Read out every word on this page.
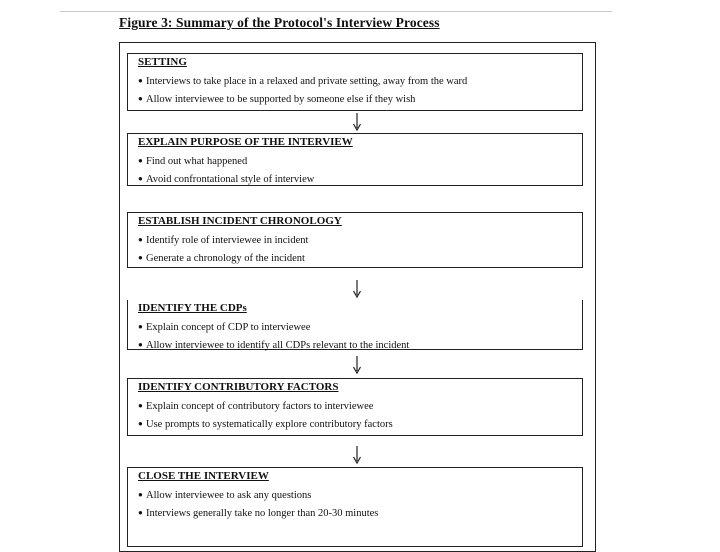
Figure 3: Summary of the Protocol's Interview Process
SETTING
● Interviews to take place in a relaxed and private setting, away from the ward
● Allow interviewee to be supported by someone else if they wish
EXPLAIN PURPOSE OF THE INTERVIEW
● Find out what happened
● Avoid confrontational style of interview
ESTABLISH INCIDENT CHRONOLOGY
● Identify role of interviewee in incident
● Generate a chronology of the incident
IDENTIFY THE CDPs
● Explain concept of CDP to interviewee
● Allow interviewee to identify all CDPs relevant to the incident
IDENTIFY CONTRIBUTORY FACTORS
● Explain concept of contributory factors to interviewee
● Use prompts to systematically explore contributory factors
CLOSE THE INTERVIEW
● Allow interviewee to ask any questions
● Interviews generally take no longer than 20-30 minutes
